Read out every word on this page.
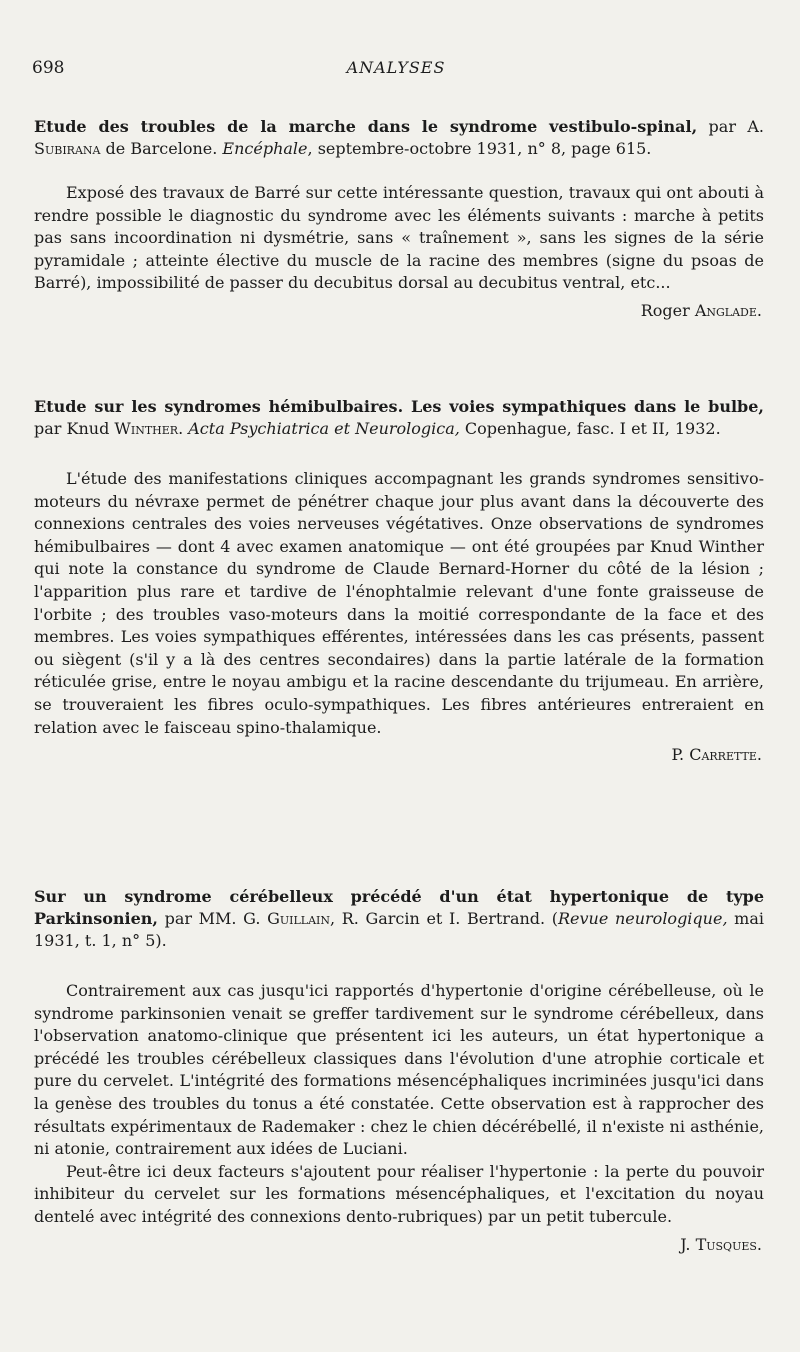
698	ANALYSES

Etude des troubles de la marche dans le syndrome vestibulo-spinal, par A. Subirana de Barcelone. Encéphale, septembre-octobre 1931, n° 8, page 615.

Exposé des travaux de Barré sur cette intéressante question, travaux qui ont abouti à rendre possible le diagnostic du syndrome avec les éléments suivants : marche à petits pas sans incoordination ni dysmétrie, sans « traînement », sans les signes de la série pyramidale ; atteinte élective du muscle de la racine des membres (signe du psoas de Barré), impossibilité de passer du decubitus dorsal au decubitus ventral, etc...

Roger Anglade.

Etude sur les syndromes hémibulbaires. Les voies sympathiques dans le bulbe, par Knud Winther. Acta Psychiatrica et Neurologica, Copenhague, fasc. I et II, 1932.

L'étude des manifestations cliniques accompagnant les grands syndromes sensitivo-moteurs du névraxe permet de pénétrer chaque jour plus avant dans la découverte des connexions centrales des voies nerveuses végétatives. Onze observations de syndromes hémibulbaires — dont 4 avec examen anatomique — ont été groupées par Knud Winther qui note la constance du syndrome de Claude Bernard-Horner du côté de la lésion ; l'apparition plus rare et tardive de l'énophtalmie relevant d'une fonte graisseuse de l'orbite ; des troubles vaso-moteurs dans la moitié correspondante de la face et des membres. Les voies sympathiques efférentes, intéressées dans les cas présents, passent ou siègent (s'il y a là des centres secondaires) dans la partie latérale de la formation réticulée grise, entre le noyau ambigu et la racine descendante du trijumeau. En arrière, se trouveraient les fibres oculo-sympathiques. Les fibres antérieures entreraient en relation avec le faisceau spino-thalamique.

P. Carrette.

Sur un syndrome cérébelleux précédé d'un état hypertonique de type Parkinsonien, par MM. G. Guillain, R. Garcin et I. Bertrand. (Revue neurologique, mai 1931, t. 1, n° 5).

Contrairement aux cas jusqu'ici rapportés d'hypertonie d'origine cérébelleuse, où le syndrome parkinsonien venait se greffer tardivement sur le syndrome cérébelleux, dans l'observation anatomo-clinique que présentent ici les auteurs, un état hypertonique a précédé les troubles cérébelleux classiques dans l'évolution d'une atrophie corticale et pure du cervelet. L'intégrité des formations mésencéphaliques incriminées jusqu'ici dans la genèse des troubles du tonus a été constatée. Cette observation est à rapprocher des résultats expérimentaux de Rademaker : chez le chien décérébellé, il n'existe ni asthénie, ni atonie, contrairement aux idées de Luciani.

Peut-être ici deux facteurs s'ajoutent pour réaliser l'hypertonie : la perte du pouvoir inhibiteur du cervelet sur les formations mésencéphaliques, et l'excitation du noyau dentelé avec intégrité des connexions dento-rubriques) par un petit tubercule.

J. Tusques.
